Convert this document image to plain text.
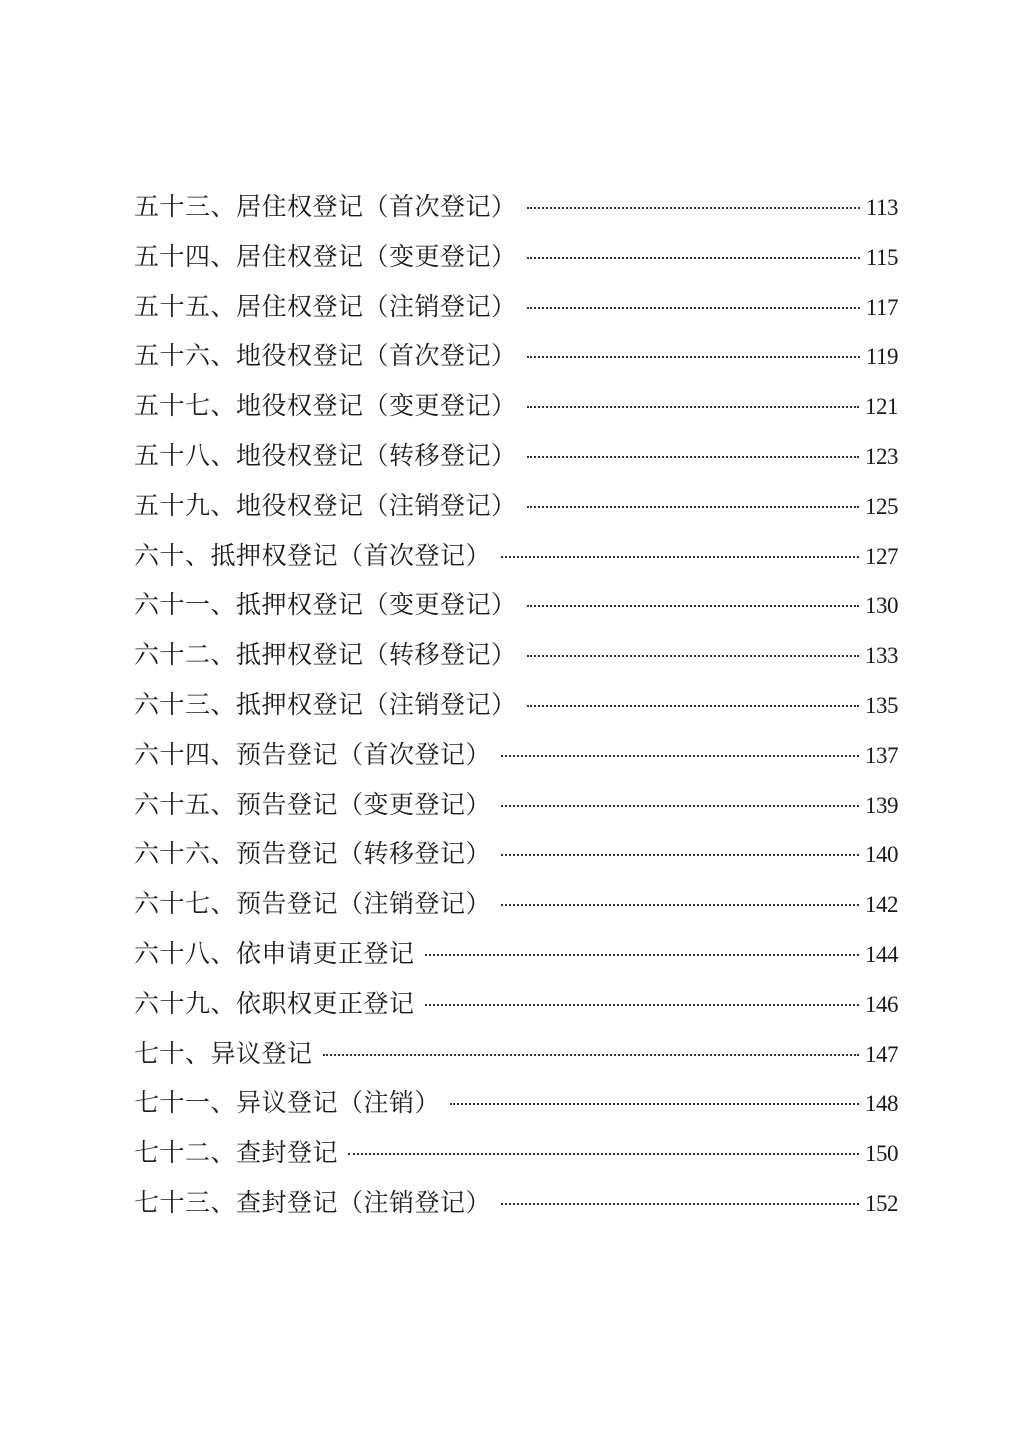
五十三、居住权登记（首次登记）	113
五十四、居住权登记（变更登记）	115
五十五、居住权登记（注销登记）	117
五十六、地役权登记（首次登记）	119
五十七、地役权登记（变更登记）	121
五十八、地役权登记（转移登记）	123
五十九、地役权登记（注销登记）	125
六十、抵押权登记（首次登记）	127
六十一、抵押权登记（变更登记）	130
六十二、抵押权登记（转移登记）	133
六十三、抵押权登记（注销登记）	135
六十四、预告登记（首次登记）	137
六十五、预告登记（变更登记）	139
六十六、预告登记（转移登记）	140
六十七、预告登记（注销登记）	142
六十八、依申请更正登记	144
六十九、依职权更正登记	146
七十、异议登记	147
七十一、异议登记（注销）	148
七十二、查封登记	150
七十三、查封登记（注销登记）	152
